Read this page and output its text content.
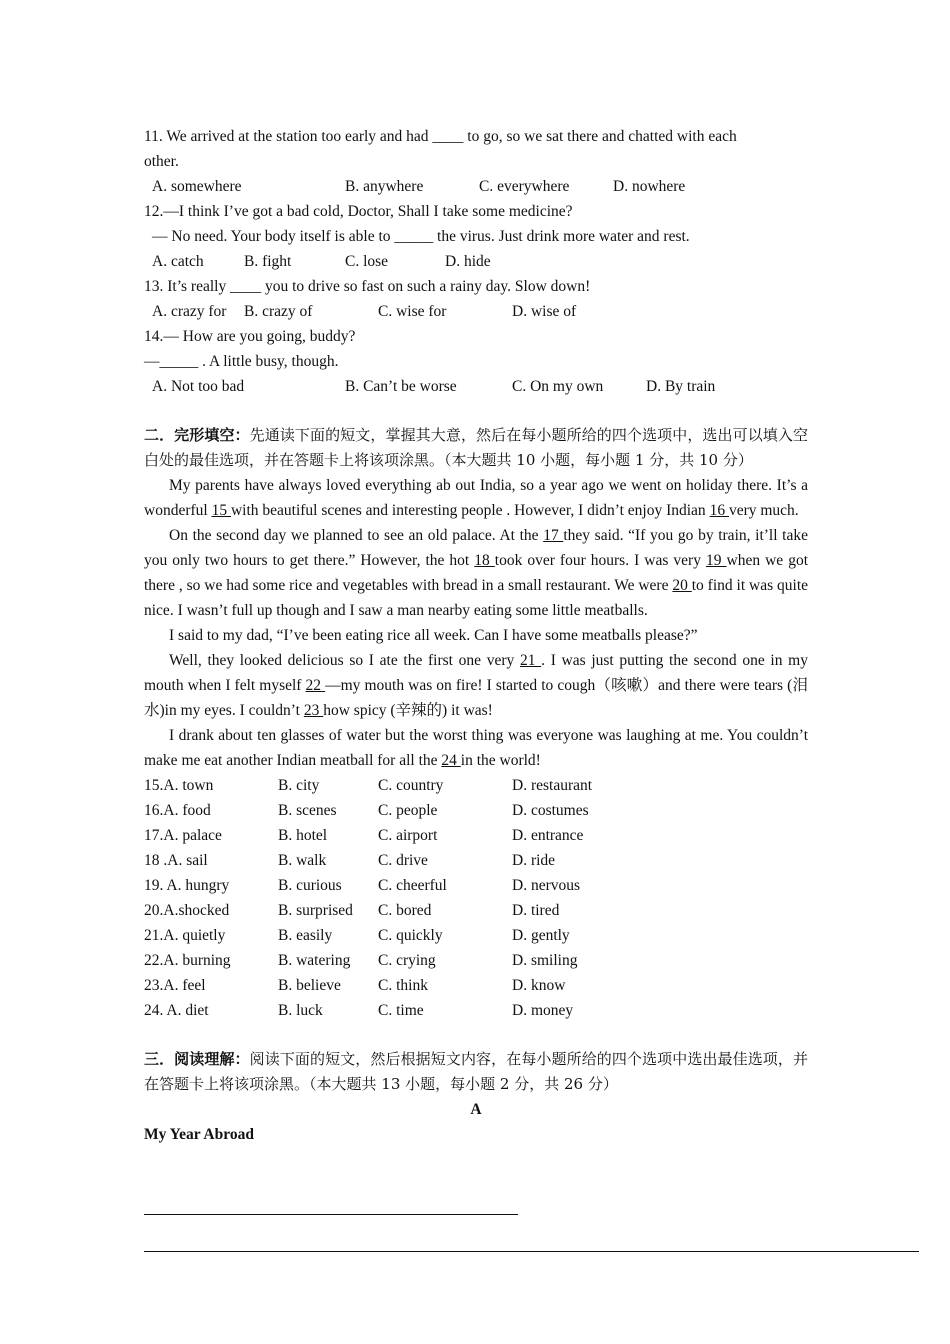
11. We arrived at the station too early and had ____ to go, so we sat there and chatted with each
other.
A. somewhere	B. anywhere	C. everywhere	D. nowhere
12.—I think I’ve got a bad cold, Doctor, Shall I take some medicine?
— No need. Your body itself is able to _____ the virus. Just drink more water and rest.
A. catch	B. fight	C. lose	D. hide
13. It’s really ____ you to drive so fast on such a rainy day. Slow down!
A. crazy for B. crazy of	C. wise for	D. wise of
14.— How are you going, buddy?
—_____ . A little busy, though.
A. Not too bad	B. Can’t be worse	C. On my own	D. By train
二．完形填空：先通读下面的短文，掌握其大意，然后在每小题所给的四个选项中，选出可以填入空白处的最佳选项，并在答题卡上将该项涂黑。（本大题共 10 小题，每小题 1 分，共 10 分）
My parents have always loved everything ab out India, so a year ago we went on holiday there. It’s a wonderful 15 with beautiful scenes and interesting people . However, I didn’t enjoy Indian 16 very much.
On the second day we planned to see an old palace. At the 17 they said. “If you go by train, it’ll take you only two hours to get there.” However, the hot 18 took over four hours. I was very 19 when we got there , so we had some rice and vegetables with bread in a small restaurant. We were 20 to find it was quite nice. I wasn’t full up though and I saw a man nearby eating some little meatballs.
I said to my dad, “I’ve been eating rice all week. Can I have some meatballs please?”
Well, they looked delicious so I ate the first one very 21 . I was just putting the second one in my mouth when I felt myself 22 —my mouth was on fire! I started to cough（咳嗽）and there were tears (泪水)in my eyes. I couldn’t 23 how spicy (辛辣的) it was!
I drank about ten glasses of water but the worst thing was everyone was laughing at me. You couldn’t make me eat another Indian meatball for all the 24 in the world!
15.A. town	B. city	C. country	D. restaurant
16.A. food	B. scenes	C. people	D. costumes
17.A. palace	B. hotel	C. airport	D. entrance
18 .A. sail	B. walk	C. drive	D. ride
19. A. hungry	B. curious C. cheerful	D. nervous
20.A.shocked	B. surprised C. bored	D. tired
21.A. quietly	B. easily	C. quickly	D. gently
22.A. burning	B. watering C. crying	D. smiling
23.A. feel	B. believe C. think	D. know
24. A. diet	B. luck	C. time	D. money
三．阅读理解：阅读下面的短文，然后根据短文内容，在每小题所给的四个选项中选出最佳选项，并在答题卡上将该项涂黑。（本大题共 13 小题，每小题 2 分，共 26 分）
A
My Year Abroad
